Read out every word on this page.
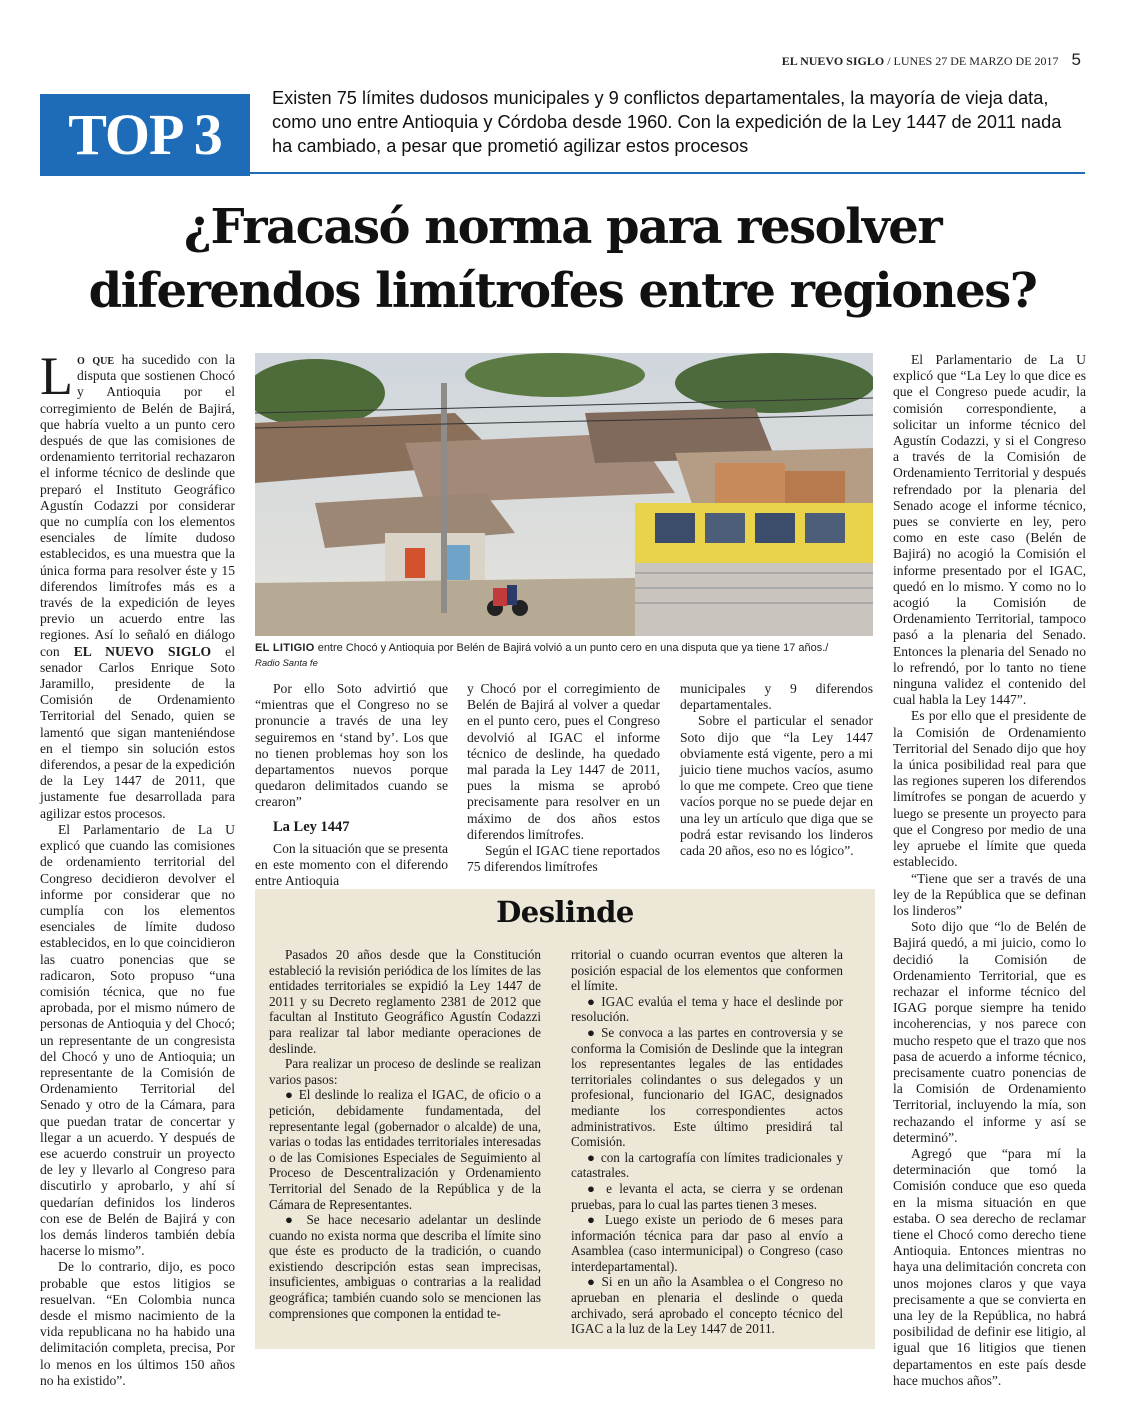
EL NUEVO SIGLO / LUNES 27 DE MARZO DE 2017 5
TOP 3
Existen 75 límites dudosos municipales y 9 conflictos departamentales, la mayoría de vieja data, como uno entre Antioquia y Córdoba desde 1960. Con la expedición de la Ley 1447 de 2011 nada ha cambiado, a pesar que prometió agilizar estos procesos
¿Fracasó norma para resolver
diferendos limítrofes entre regiones?

Lo que ha sucedido con la disputa que sostienen Chocó y Antioquia por el corregimiento de Belén de Bajirá, que habría vuelto a un punto cero después de que las comisiones de ordenamiento territorial rechazaron el informe técnico de deslinde que preparó el Instituto Geográfico Agustín Codazzi por considerar que no cumplía con los elementos esenciales de límite dudoso establecidos, es una muestra que la única forma para resolver éste y 15 diferendos limítrofes más es a través de la expedición de leyes previo un acuerdo entre las regiones. Así lo señaló en diálogo con EL NUEVO SIGLO el senador Carlos Enrique Soto Jaramillo, presidente de la Comisión de Ordenamiento Territorial del Senado, quien se lamentó que sigan manteniéndose en el tiempo sin solución estos diferendos, a pesar de la expedición de la Ley 1447 de 2011, que justamente fue desarrollada para agilizar estos procesos.

El Parlamentario de La U explicó que cuando las comisiones de ordenamiento territorial del Congreso decidieron devolver el informe por considerar que no cumplía con los elementos esenciales de límite dudoso establecidos, en lo que coincidieron las cuatro ponencias que se radicaron, Soto propuso “una comisión técnica, que no fue aprobada, por el mismo número de personas de Antioquia y del Chocó; un representante de un congresista del Chocó y uno de Antioquia; un representante de la Comisión de Ordenamiento Territorial del Senado y otro de la Cámara, para que puedan tratar de concertar y llegar a un acuerdo. Y después de ese acuerdo construir un proyecto de ley y llevarlo al Congreso para discutirlo y aprobarlo, y ahí sí quedarían definidos los linderos con ese de Belén de Bajirá y con los demás linderos también debía hacerse lo mismo”.

De lo contrario, dijo, es poco probable que estos litigios se resuelvan. “En Colombia nunca desde el mismo nacimiento de la vida republicana no ha habido una delimitación completa, precisa, Por lo menos en los últimos 150 años no ha existido”.

EL LITIGIO entre Chocó y Antioquia por Belén de Bajirá volvió a un punto cero en una disputa que ya tiene 17 años./
Radio Santa fe

Por ello Soto advirtió que “mientras que el Congreso no se pronuncie a través de una ley seguiremos en ‘stand by’. Los que no tienen problemas hoy son los departamentos nuevos porque quedaron delimitados cuando se crearon”

La Ley 1447

Con la situación que se presenta en este momento con el diferendo entre Antioquia

y Chocó por el corregimiento de Belén de Bajirá al volver a quedar en el punto cero, pues el Congreso devolvió al IGAC el informe técnico de deslinde, ha quedado mal parada la Ley 1447 de 2011, pues la misma se aprobó precisamente para resolver en un máximo de dos años estos diferendos limítrofes.

Según el IGAC tiene reportados 75 diferendos limítrofes

municipales y 9 diferendos departamentales.

Sobre el particular el senador Soto dijo que “la Ley 1447 obviamente está vigente, pero a mi juicio tiene muchos vacíos, asumo lo que me compete. Creo que tiene vacíos porque no se puede dejar en una ley un artículo que diga que se podrá estar revisando los linderos cada 20 años, eso no es lógico”.

El Parlamentario de La U explicó que “La Ley lo que dice es que el Congreso puede acudir, la comisión correspondiente, a solicitar un informe técnico del Agustín Codazzi, y si el Congreso a través de la Comisión de Ordenamiento Territorial y después refrendado por la plenaria del Senado acoge el informe técnico, pues se convierte en ley, pero como en este caso (Belén de Bajirá) no acogió la Comisión el informe presentado por el IGAC, quedó en lo mismo. Y como no lo acogió la Comisión de Ordenamiento Territorial, tampoco pasó a la plenaria del Senado. Entonces la plenaria del Senado no lo refrendó, por lo tanto no tiene ninguna validez el contenido del cual habla la Ley 1447”.

Es por ello que el presidente de la Comisión de Ordenamiento Territorial del Senado dijo que hoy la única posibilidad real para que las regiones superen los diferendos limítrofes se pongan de acuerdo y luego se presente un proyecto para que el Congreso por medio de una ley apruebe el límite que queda establecido.

“Tiene que ser a través de una ley de la República que se definan los linderos”

Soto dijo que “lo de Belén de Bajirá quedó, a mi juicio, como lo decidió la Comisión de Ordenamiento Territorial, que es rechazar el informe técnico del IGAG porque siempre ha tenido incoherencias, y nos parece con mucho respeto que el trazo que nos pasa de acuerdo a informe técnico, precisamente cuatro ponencias de la Comisión de Ordenamiento Territorial, incluyendo la mía, son rechazando el informe y así se determinó”.

Agregó que “para mí la determinación que tomó la Comisión conduce que eso queda en la misma situación en que estaba. O sea derecho de reclamar tiene el Chocó como derecho tiene Antioquia. Entonces mientras no haya una delimitación concreta con unos mojones claros y que vaya precisamente a que se convierta en una ley de la República, no habrá posibilidad de definir ese litigio, al igual que 16 litigios que tienen departamentos en este país desde hace muchos años”.

Deslinde

Pasados 20 años desde que la Constitución estableció la revisión periódica de los límites de las entidades territoriales se expidió la Ley 1447 de 2011 y su Decreto reglamento 2381 de 2012 que facultan al Instituto Geográfico Agustín Codazzi para realizar tal labor mediante operaciones de deslinde.

Para realizar un proceso de deslinde se realizan varios pasos:

● El deslinde lo realiza el IGAC, de oficio o a petición, debidamente fundamentada, del representante legal (gobernador o alcalde) de una, varias o todas las entidades territoriales interesadas o de las Comisiones Especiales de Seguimiento al Proceso de Descentralización y Ordenamiento Territorial del Senado de la República y de la Cámara de Representantes.

● Se hace necesario adelantar un deslinde cuando no exista norma que describa el límite sino que éste es producto de la tradición, o cuando existiendo descripción estas sean imprecisas, insuficientes, ambiguas o contrarias a la realidad geográfica; también cuando solo se mencionen las comprensiones que componen la entidad te-

rritorial o cuando ocurran eventos que alteren la posición espacial de los elementos que conformen el límite.

● IGAC evalúa el tema y hace el deslinde por resolución.

● Se convoca a las partes en controversia y se conforma la Comisión de Deslinde que la integran los representantes legales de las entidades territoriales colindantes o sus delegados y un profesional, funcionario del IGAC, designados mediante los correspondientes actos administrativos. Este último presidirá tal Comisión.

● con la cartografía con límites tradicionales y catastrales.

● e levanta el acta, se cierra y se ordenan pruebas, para lo cual las partes tienen 3 meses.

● Luego existe un periodo de 6 meses para información técnica para dar paso al envío a Asamblea (caso intermunicipal) o Congreso (caso interdepartamental).

● Si en un año la Asamblea o el Congreso no aprueban en plenaria el deslinde o queda archivado, será aprobado el concepto técnico del IGAC a la luz de la Ley 1447 de 2011.
